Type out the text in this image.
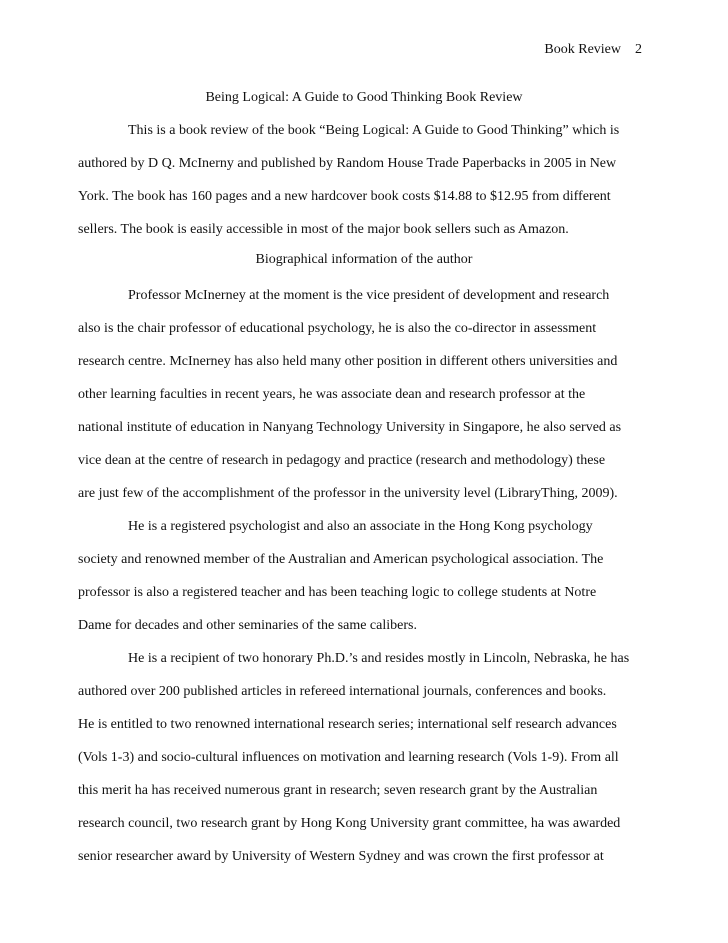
Book Review 2
Being Logical: A Guide to Good Thinking Book Review
This is a book review of the book “Being Logical: A Guide to Good Thinking” which is
authored by D Q. McInerny and published by Random House Trade Paperbacks in 2005 in New
York. The book has 160 pages and a new hardcover book costs $14.88 to $12.95 from different
sellers. The book is easily accessible in most of the major book sellers such as Amazon.
Biographical information of the author
Professor McInerney at the moment is the vice president of development and research
also is the chair professor of educational psychology, he is also the co-director in assessment
research centre. McInerney has also held many other position in different others universities and
other learning faculties in recent years, he was associate dean and research professor at the
national institute of education in Nanyang Technology University in Singapore, he also served as
vice dean at the centre of research in pedagogy and practice (research and methodology) these
are just few of the accomplishment of the professor in the university level (LibraryThing, 2009).
He is a registered psychologist and also an associate in the Hong Kong psychology
society and renowned member of the Australian and American psychological association. The
professor is also a registered teacher and has been teaching logic to college students at Notre
Dame for decades and other seminaries of the same calibers.
He is a recipient of two honorary Ph.D.’s and resides mostly in Lincoln, Nebraska, he has
authored over 200 published articles in refereed international journals, conferences and books.
He is entitled to two renowned international research series; international self research advances
(Vols 1-3) and socio-cultural influences on motivation and learning research (Vols 1-9). From all
this merit ha has received numerous grant in research; seven research grant by the Australian
research council, two research grant by Hong Kong University grant committee, ha was awarded
senior researcher award by University of Western Sydney and was crown the first professor at
